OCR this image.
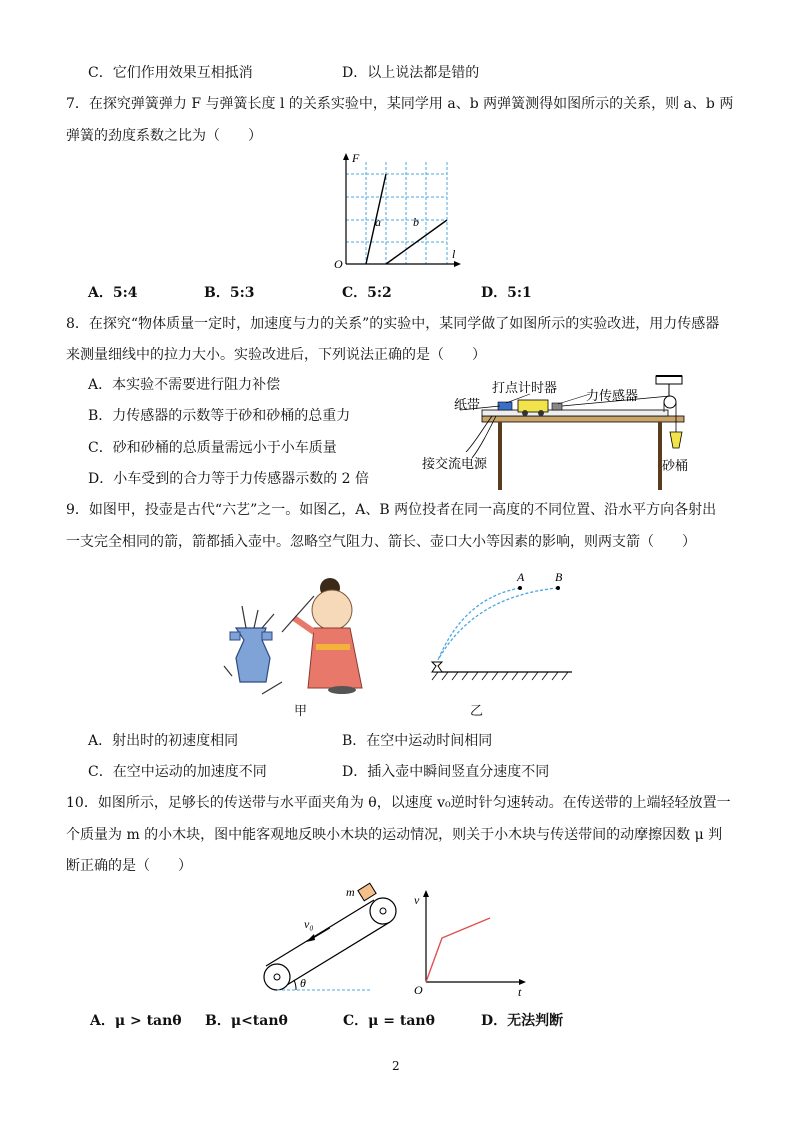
C．它们作用效果互相抵消	D．以上说法都是错的
7．在探究弹簧弹力 F 与弹簧长度 l 的关系实验中，某同学用 a、b 两弹簧测得如图所示的关系，则 a、b 两
弹簧的劲度系数之比为（　　）
F
l
O
a	b
A．5:4	B．5:3	C．5:2	D．5:1
8．在探究“物体质量一定时，加速度与力的关系”的实验中，某同学做了如图所示的实验改进，用力传感器
来测量细线中的拉力大小。实验改进后，下列说法正确的是（　　）
A．本实验不需要进行阻力补偿
B．力传感器的示数等于砂和砂桶的总重力
C．砂和砂桶的总质量需远小于小车质量
D．小车受到的合力等于力传感器示数的 2 倍
打点计时器
力传感器
纸带
接交流电源	砂桶
9．如图甲，投壶是古代“六艺”之一。如图乙，A、B 两位投者在同一高度的不同位置、沿水平方向各射出
一支完全相同的箭，箭都插入壶中。忽略空气阻力、箭长、壶口大小等因素的影响，则两支箭（　　）
甲
A	B
乙
A．射出时的初速度相同	B．在空中运动时间相同
C．在空中运动的加速度不同	D．插入壶中瞬间竖直分速度不同
10．如图所示，足够长的传送带与水平面夹角为 θ，以速度 v₀逆时针匀速转动。在传送带的上端轻轻放置一
个质量为 m 的小木块，图中能客观地反映小木块的运动情况，则关于小木块与传送带间的动摩擦因数 μ 判
断正确的是（　　）
m
v₀
θ
v
t
O
A．μ > tanθ B．μ<tanθ	C．μ = tanθ	D．无法判断
2
